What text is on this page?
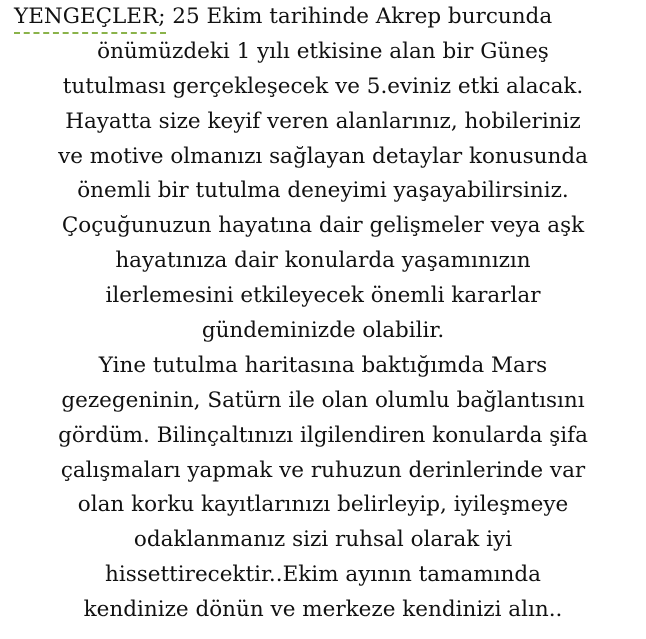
YENGEÇLER
; 25 Ekim tarihinde Akrep burcunda
önümüzdeki 1 yılı etkisine alan bir Güneş
tutulması gerçekleşecek ve 5.eviniz etki alacak.
Hayatta size keyif veren alanlarınız, hobileriniz
ve motive olmanızı sağlayan detaylar konusunda
önemli bir tutulma deneyimi yaşayabilirsiniz.
Çoçuğunuzun hayatına dair gelişmeler veya aşk
hayatınıza dair konularda yaşamınızın
ilerlemesini etkileyecek önemli kararlar
gündeminizde olabilir.
Yine tutulma haritasına baktığımda Mars
gezegeninin, Satürn ile olan olumlu bağlantısını
gördüm. Bilinçaltınızı ilgilendiren konularda şifa
çalışmaları yapmak ve ruhuzun derinlerinde var
olan korku kayıtlarınızı belirleyip, iyileşmeye
odaklanmanız sizi ruhsal olarak iyi
hissettirecektir..Ekim ayının tamamında
kendinize dönün ve merkeze kendinizi alın..
